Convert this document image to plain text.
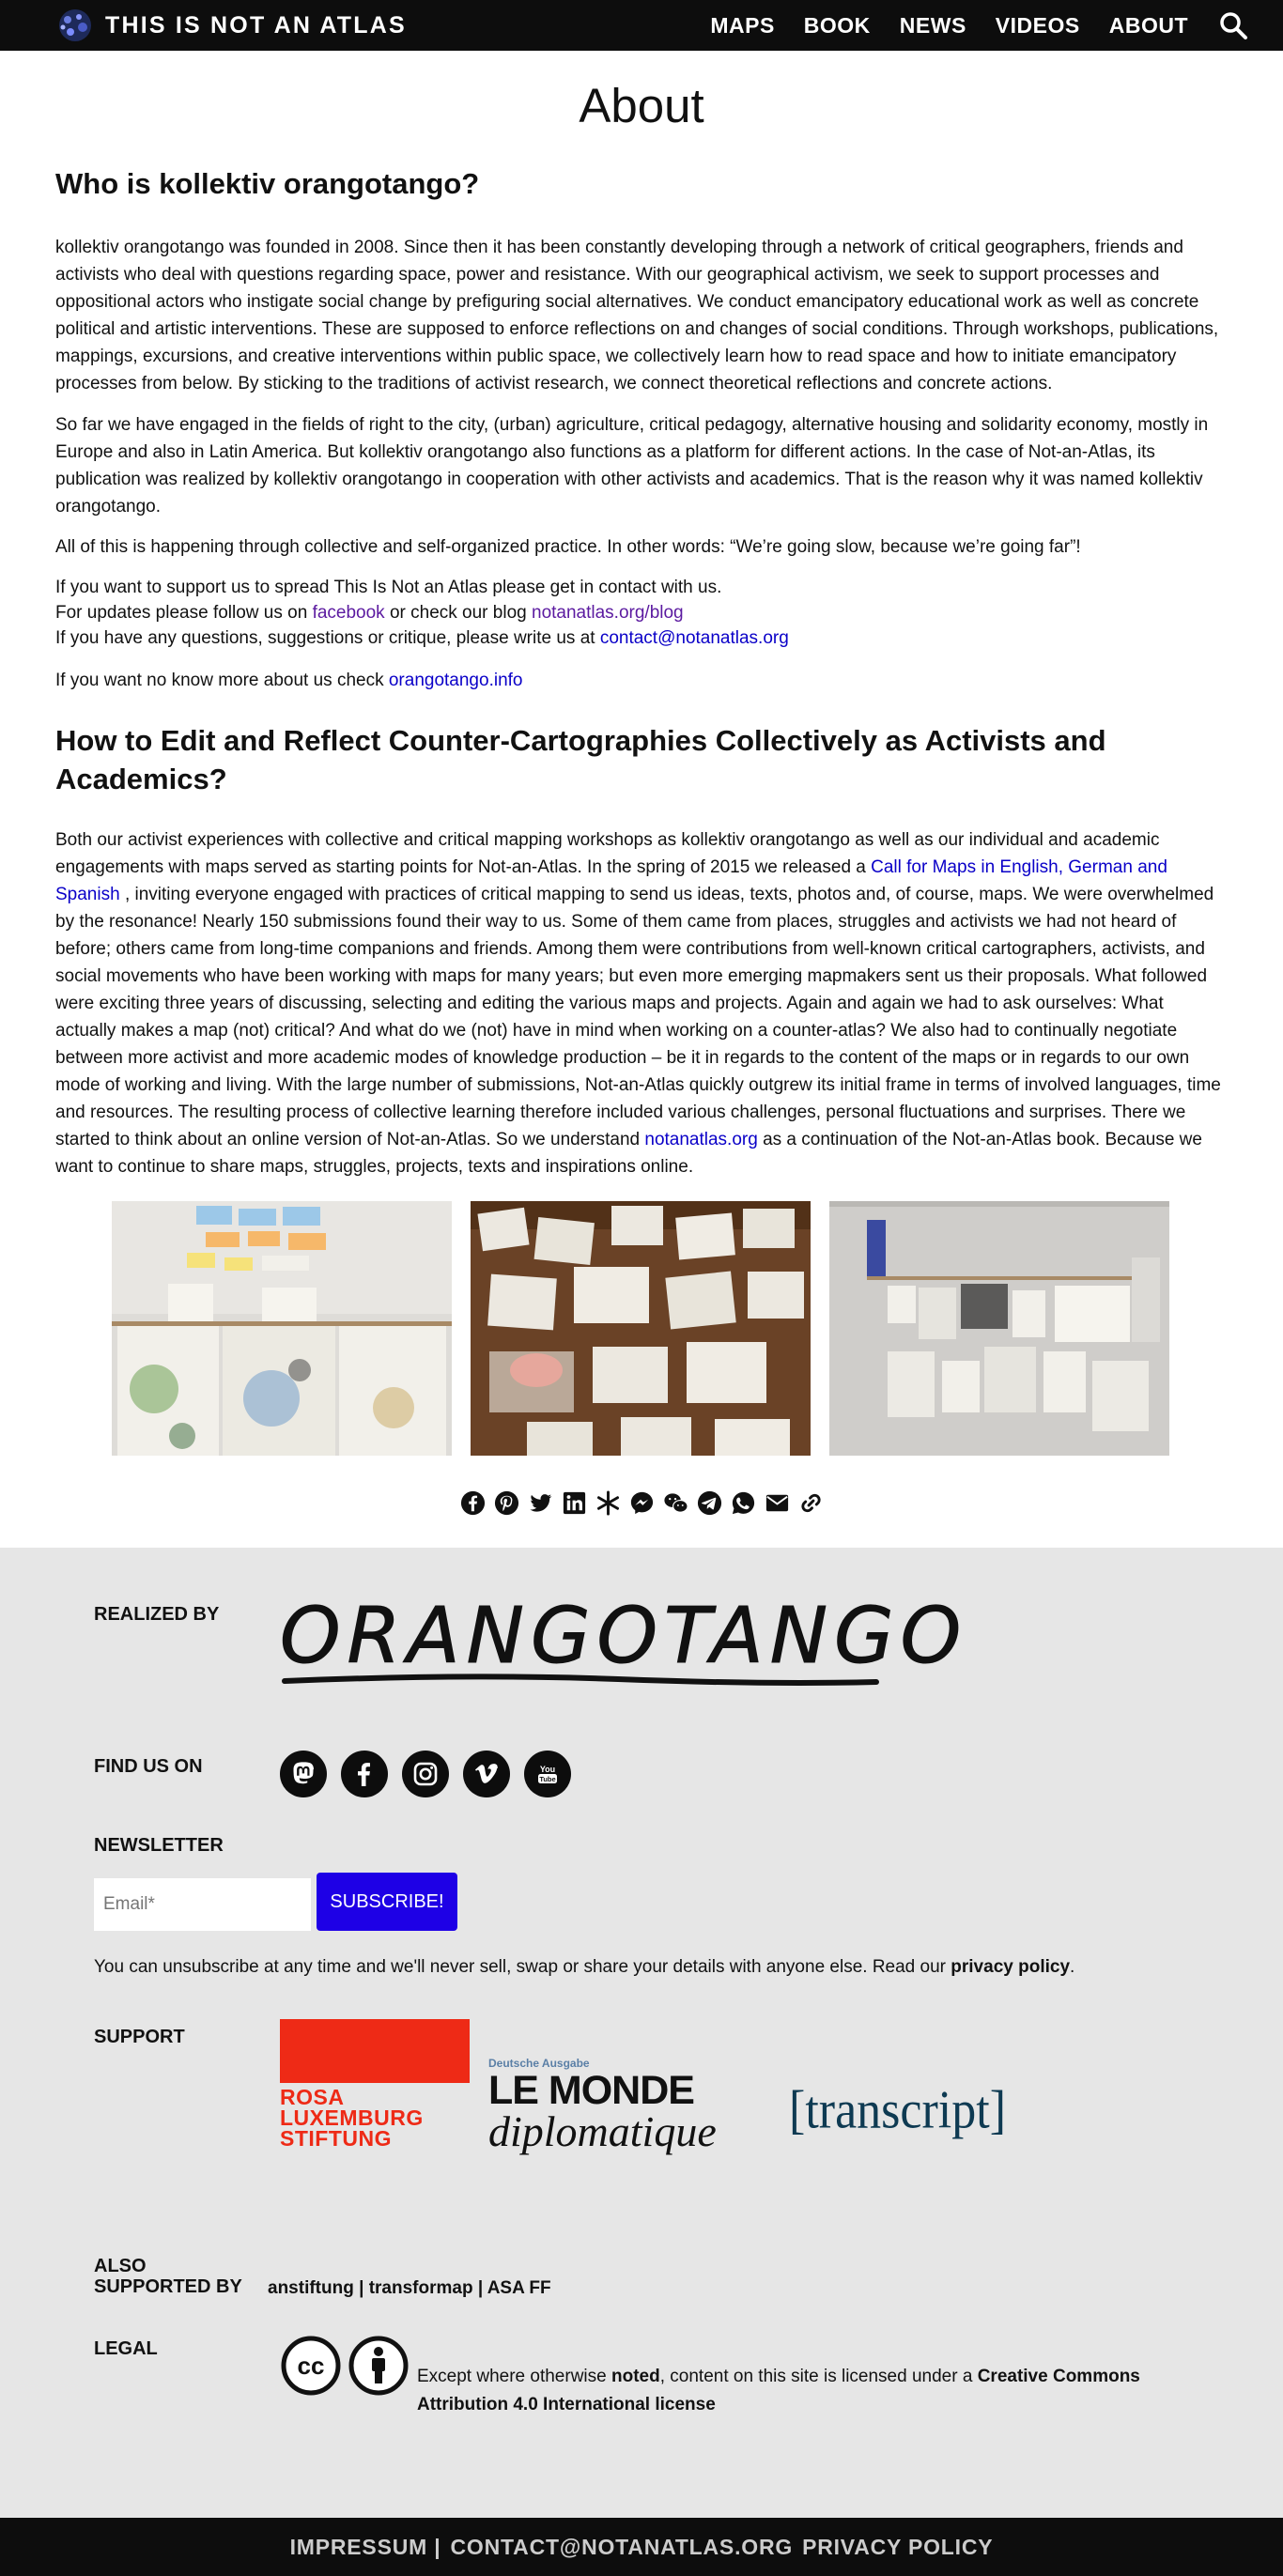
THIS IS NOT AN ATLAS	MAPS BOOK NEWS VIDEOS ABOUT
About
Who is kollektiv orangotango?

kollektiv orangotango was founded in 2008. Since then it has been constantly developing through a network of critical geographers, friends and activists who deal with questions regarding space, power and resistance. With our geographical activism, we seek to support processes and oppositional actors who instigate social change by prefiguring social alternatives. We conduct emancipatory educational work as well as concrete political and artistic interventions. These are supposed to enforce reflections on and changes of social conditions. Through workshops, publications, mappings, excursions, and creative interventions within public space, we collectively learn how to read space and how to initiate emancipatory processes from below. By sticking to the traditions of activist research, we connect theoretical reflections and concrete actions.

So far we have engaged in the fields of right to the city, (urban) agriculture, critical pedagogy, alternative housing and solidarity economy, mostly in Europe and also in Latin America. But kollektiv orangotango also functions as a platform for different actions. In the case of Not-an-Atlas, its publication was realized by kollektiv orangotango in cooperation with other activists and academics. That is the reason why it was named kollektiv orangotango.

All of this is happening through collective and self-organized practice. In other words: “We’re going slow, because we’re going far”!

If you want to support us to spread This Is Not an Atlas please get in contact with us.
For updates please follow us on facebook or check our blog notanatlas.org/blog
If you have any questions, suggestions or critique, please write us at contact@notanatlas.org
If you want no know more about us check orangotango.info
How to Edit and Reflect Counter-Cartographies Collectively as Activists and Academics?

Both our activist experiences with collective and critical mapping workshops as kollektiv orangotango as well as our individual and academic engagements with maps served as starting points for Not-an-Atlas. In the spring of 2015 we released a Call for Maps in English, German and Spanish , inviting everyone engaged with practices of critical mapping to send us ideas, texts, photos and, of course, maps. We were overwhelmed by the resonance! Nearly 150 submissions found their way to us. Some of them came from places, struggles and activists we had not heard of before; others came from long-time companions and friends. Among them were contributions from well-known critical cartographers, activists, and social movements who have been working with maps for many years; but even more emerging mapmakers sent us their proposals. What followed were exciting three years of discussing, selecting and editing the various maps and projects. Again and again we had to ask ourselves: What actually makes a map (not) critical? And what do we (not) have in mind when working on a counter-atlas? We also had to continually negotiate between more activist and more academic modes of knowledge production – be it in regards to the content of the maps or in regards to our own mode of working and living. With the large number of submissions, Not-an-Atlas quickly outgrew its initial frame in terms of involved languages, time and resources. The resulting process of collective learning therefore included various challenges, personal fluctuations and surprises. There we started to think about an online version of Not-an-Atlas. So we understand notanatlas.org as a continuation of the Not-an-Atlas book. Because we want to continue to share maps, struggles, projects, texts and inspirations online.

REALIZED BY ORANGOTANGO
FIND US ON	You
Tube
NEWSLETTER
Email*
SUBSCRIBE!
You can unsubscribe at any time and we'll never sell, swap or share your details with anyone else. Read our privacy policy.
SUPPORT
ROSA
LUXEMBURG
STIFTUNG
Deutsche Ausgabe
LE MONDE
diplomatique	[transcript]
ALSO
SUPPORTED BY anstiftung | transformap | ASA FF
LEGAL
cc	Except where otherwise noted, content on this site is licensed under a Creative Commons Attribution 4.0 International license
IMPRESSUM | CONTACT@NOTANATLAS.ORG PRIVACY POLICY
